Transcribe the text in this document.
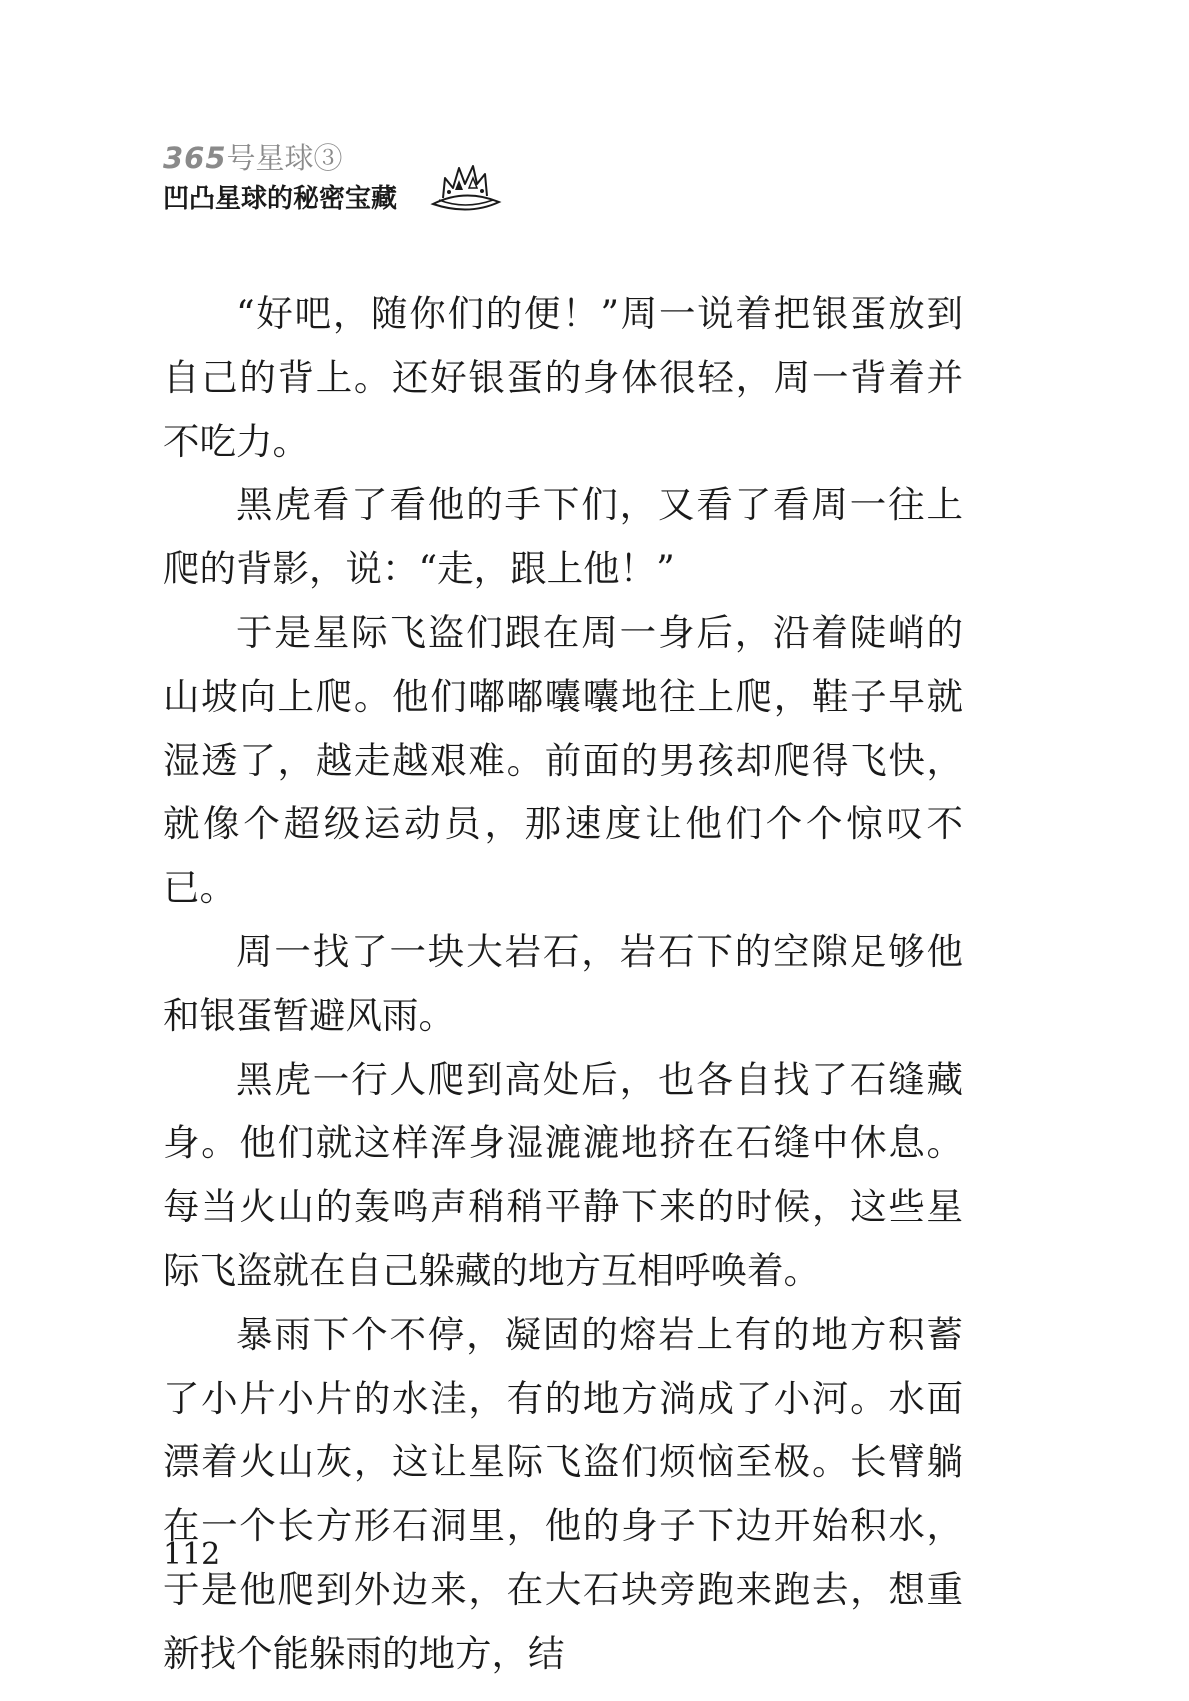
365号星球③
凹凸星球的秘密宝藏

“好吧，随你们的便！”周一说着把银蛋放到自己的背上。还好银蛋的身体很轻，周一背着并不吃力。

黑虎看了看他的手下们，又看了看周一往上爬的背影，说：“走，跟上他！”

于是星际飞盗们跟在周一身后，沿着陡峭的山坡向上爬。他们嘟嘟囔囔地往上爬，鞋子早就湿透了，越走越艰难。前面的男孩却爬得飞快，就像个超级运动员，那速度让他们个个惊叹不已。

周一找了一块大岩石，岩石下的空隙足够他和银蛋暂避风雨。

黑虎一行人爬到高处后，也各自找了石缝藏身。他们就这样浑身湿漉漉地挤在石缝中休息。每当火山的轰鸣声稍稍平静下来的时候，这些星际飞盗就在自己躲藏的地方互相呼唤着。

暴雨下个不停，凝固的熔岩上有的地方积蓄了小片小片的水洼，有的地方淌成了小河。水面漂着火山灰，这让星际飞盗们烦恼至极。长臂躺在一个长方形石洞里，他的身子下边开始积水，于是他爬到外边来，在大石块旁跑来跑去，想重新找个能躲雨的地方，结

112
